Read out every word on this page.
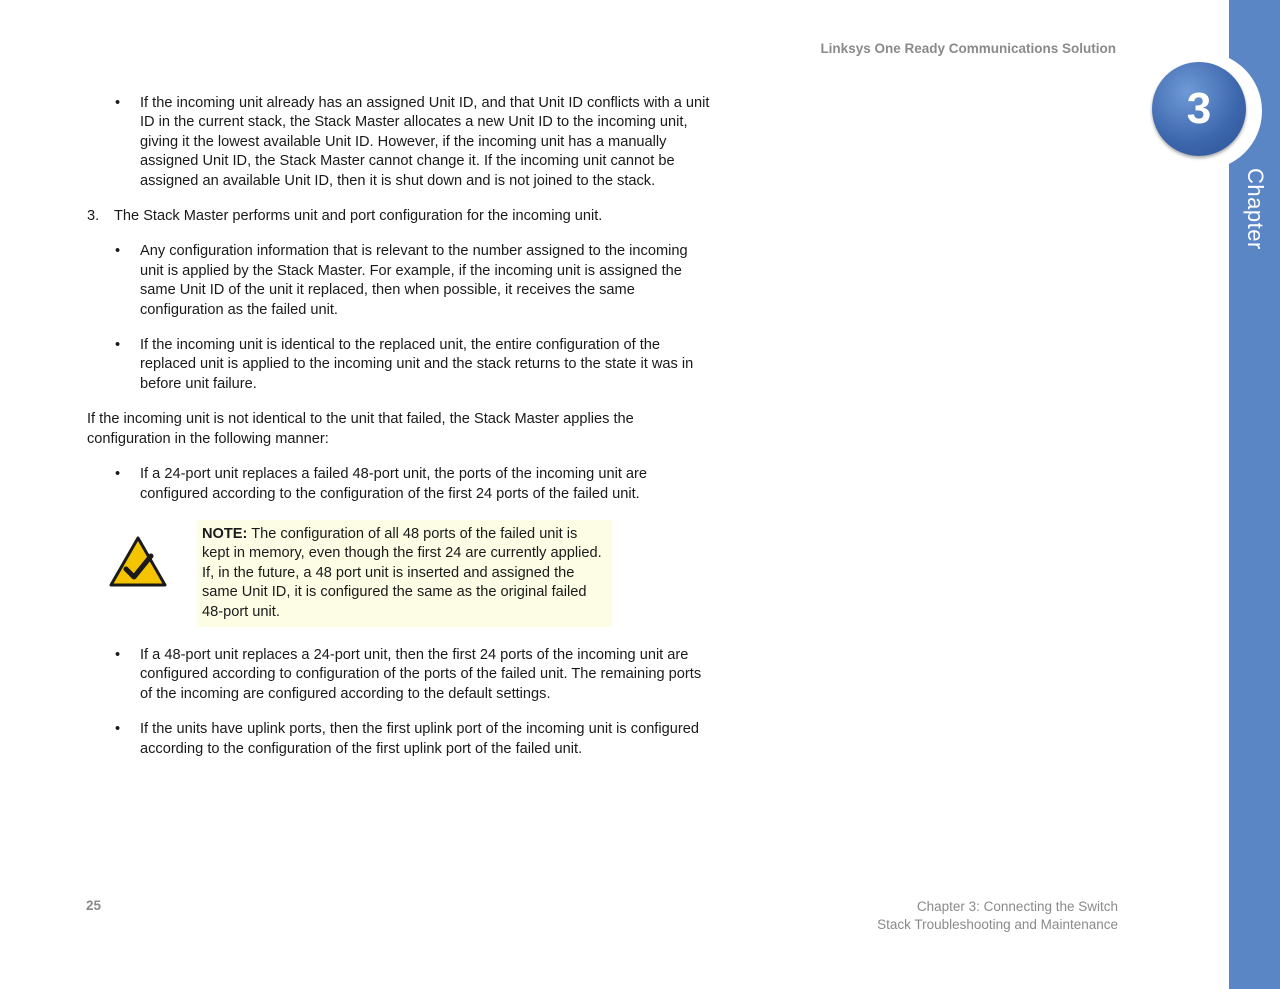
Linksys One Ready Communications Solution
3
Chapter
• If the incoming unit already has an assigned Unit ID, and that Unit ID conflicts with a unit ID in the current stack, the Stack Master allocates a new Unit ID to the incoming unit, giving it the lowest available Unit ID. However, if the incoming unit has a manually assigned Unit ID, the Stack Master cannot change it. If the incoming unit cannot be assigned an available Unit ID, then it is shut down and is not joined to the stack.
3. The Stack Master performs unit and port configuration for the incoming unit.
• Any configuration information that is relevant to the number assigned to the incoming unit is applied by the Stack Master. For example, if the incoming unit is assigned the same Unit ID of the unit it replaced, then when possible, it receives the same configuration as the failed unit.
• If the incoming unit is identical to the replaced unit, the entire configuration of the replaced unit is applied to the incoming unit and the stack returns to the state it was in before unit failure.

If the incoming unit is not identical to the unit that failed, the Stack Master applies the configuration in the following manner:

• If a 24-port unit replaces a failed 48-port unit, the ports of the incoming unit are configured according to the configuration of the first 24 ports of the failed unit.
NOTE: The configuration of all 48 ports of the failed unit is kept in memory, even though the first 24 are currently applied. If, in the future, a 48 port unit is inserted and assigned the same Unit ID, it is configured the same as the original failed 48-port unit.
• If a 48-port unit replaces a 24-port unit, then the first 24 ports of the incoming unit are configured according to configuration of the ports of the failed unit. The remaining ports of the incoming are configured according to the default settings.
• If the units have uplink ports, then the first uplink port of the incoming unit is configured according to the configuration of the first uplink port of the failed unit.
25	Chapter 3: Connecting the Switch
Stack Troubleshooting and Maintenance
